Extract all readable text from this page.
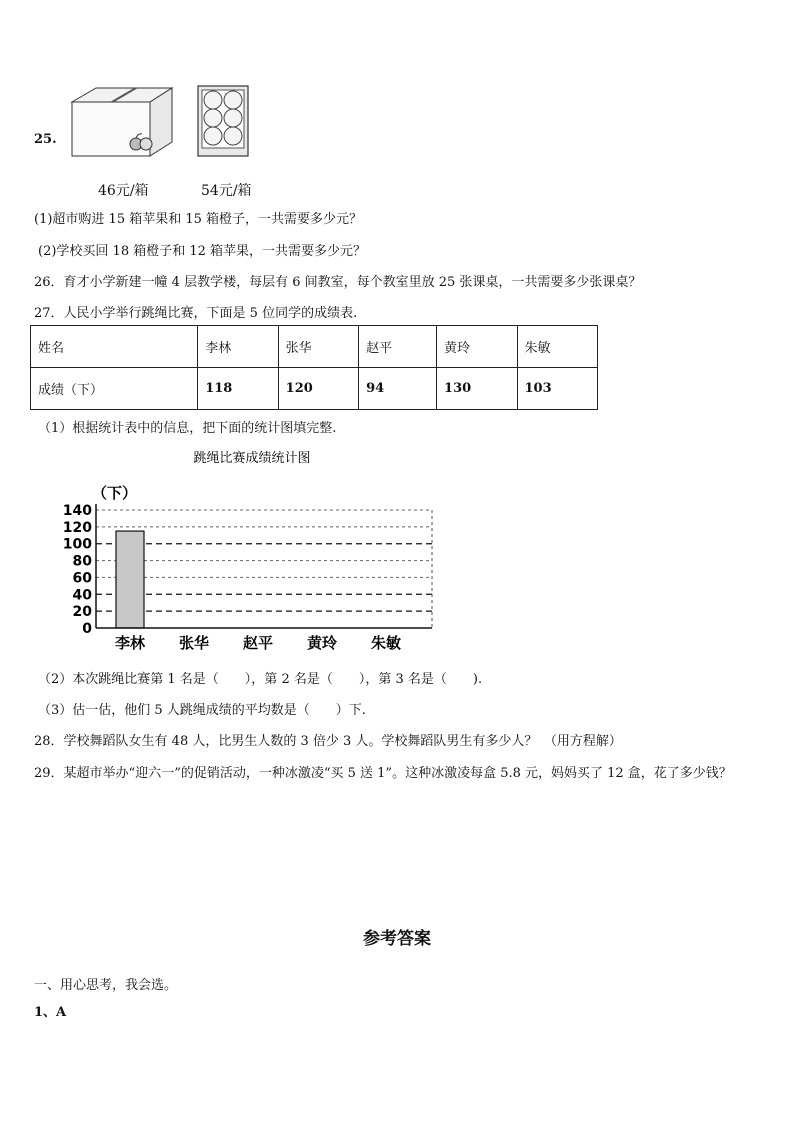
25.
46元/箱	54元/箱
(1)超市购进 15 箱苹果和 15 箱橙子，一共需要多少元？
(2)学校买回 18 箱橙子和 12 箱苹果，一共需要多少元？
26．育才小学新建一幢 4 层教学楼，每层有 6 间教室，每个教室里放 25 张课桌，一共需要多少张课桌？
27．人民小学举行跳绳比赛，下面是 5 位同学的成绩表.
姓名	李林	张华	赵平	黄玲	朱敏
成绩（下）	118	120	94	130	103
（1）根据统计表中的信息，把下面的统计图填完整.
跳绳比赛成绩统计图
（下）
0
20
40
60
80
100
120
140
李林 张华 赵平 黄玲 朱敏
（2）本次跳绳比赛第 1 名是（　　），第 2 名是（　　），第 3 名是（　　).
（3）估一估，他们 5 人跳绳成绩的平均数是（　　）下.
28．学校舞蹈队女生有 48 人，比男生人数的 3 倍少 3 人。学校舞蹈队男生有多少人？　（用方程解）
29．某超市举办“迎六一”的促销活动，一种冰激凌“买 5 送 1”。这种冰激凌每盒 5.8 元，妈妈买了 12 盒，花了多少钱？
参考答案
一、用心思考，我会选。
1、A
